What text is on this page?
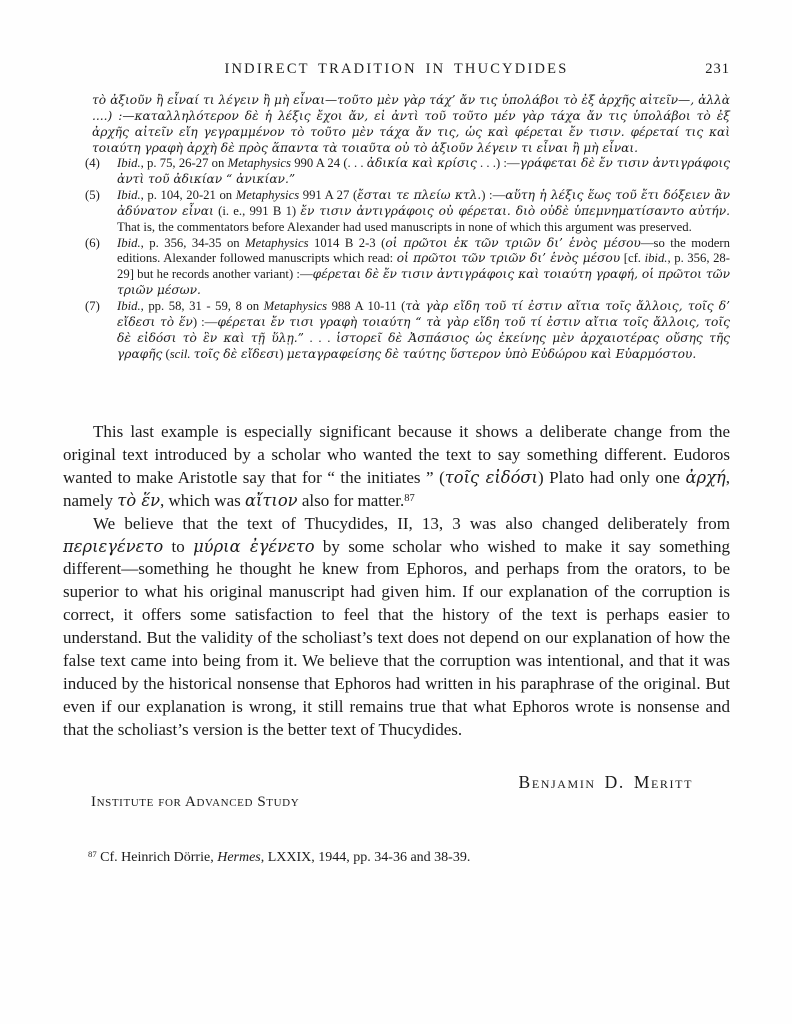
INDIRECT TRADITION IN THUCYDIDES	231
τὸ ἀξιοῦν ἢ εἶναί τι λέγειν ἢ μὴ εἶναι—τοῦτο μὲν γὰρ τάχ’ ἄν τις ὑπολάβοι τὸ ἐξ ἀρχῆς αἰτεῖν—, ἀλλὰ ....) :—καταλληλότερον δὲ ἡ λέξις ἔχοι ἄν, εἰ ἀντὶ τοῦ τοῦτο μέν γὰρ τάχα ἄν τις ὑπολάβοι τὸ ἐξ ἀρχῆς αἰτεῖν εἴη γεγραμμένον τὸ τοῦτο μὲν τάχα ἄν τις, ὡς καὶ φέρεται ἔν τισιν. φέρεταί τις καὶ τοιαύτη γραφὴ ἀρχὴ δὲ πρὸς ἅπαντα τὰ τοιαῦτα οὐ τὸ ἀξιοῦν λέγειν τι εἶναι ἢ μὴ εἶναι.
(4) Ibid., p. 75, 26-27 on Metaphysics 990 A 24 (. . . ἀδικία καὶ κρίσις . . .) :—γράφεται δὲ ἔν τισιν ἀντιγράφοις ἀντὶ τοῦ ἀδικίαν “ ἀνικίαν.”
(5) Ibid., p. 104, 20-21 on Metaphysics 991 A 27 (ἔσται τε πλείω κτλ.) :—αὕτη ἡ λέξις ἕως τοῦ ἔτι δόξειεν ἂν ἀδύνατον εἶναι (i. e., 991 B 1) ἔν τισιν ἀντιγράφοις οὐ φέρεται. διὸ οὐδὲ ὑπεμνηματίσαντο αὐτήν. That is, the commentators before Alexander had used manuscripts in none of which this argument was preserved.
(6) Ibid., p. 356, 34-35 on Metaphysics 1014 B 2-3 (οἱ πρῶτοι ἐκ τῶν τριῶν δι’ ἑνὸς μέσου—so the modern editions. Alexander followed manuscripts which read: οἱ πρῶτοι τῶν τριῶν δι’ ἑνὸς μέσου [cf. ibid., p. 356, 28-29] but he records another variant) :—φέρεται δὲ ἔν τισιν ἀντιγράφοις καὶ τοιαύτη γραφή, οἱ πρῶτοι τῶν τριῶν μέσων.
(7) Ibid., pp. 58, 31 - 59, 8 on Metaphysics 988 A 10-11 (τὰ γὰρ εἴδη τοῦ τί ἐστιν αἴτια τοῖς ἄλλοις, τοῖς δ’ εἴδεσι τὸ ἕν) :—φέρεται ἔν τισι γραφὴ τοιαύτη “ τὰ γὰρ εἴδη τοῦ τί ἐστιν αἴτια τοῖς ἄλλοις, τοῖς δὲ εἰδόσι τὸ ἓν καὶ τῇ ὕλῃ.” . . . ἱστορεῖ δὲ Ἀσπάσιος ὡς ἐκείνης μὲν ἀρχαιοτέρας οὔσης τῆς γραφῆς (scil. τοῖς δὲ εἴδεσι) μεταγραφείσης δὲ ταύτης ὕστερον ὑπὸ Εὐδώρου καὶ Εὐαρμόστου.

This last example is especially significant because it shows a deliberate change from the original text introduced by a scholar who wanted the text to say something different. Eudoros wanted to make Aristotle say that for “ the initiates ” (τοῖς εἰδόσι) Plato had only one ἀρχή, namely τὸ ἕν, which was αἴτιον also for matter.$^{87}$

We believe that the text of Thucydides, II, 13, 3 was also changed deliberately from περιεγένετο to μύρια ἐγένετο by some scholar who wished to make it say something different—something he thought he knew from Ephoros, and perhaps from the orators, to be superior to what his original manuscript had given him. If our explanation of the corruption is correct, it offers some satisfaction to feel that the history of the text is perhaps easier to understand. But the validity of the scholiast’s text does not depend on our explanation of how the false text came into being from it. We believe that the corruption was intentional, and that it was induced by the historical nonsense that Ephoros had written in his paraphrase of the original. But even if our explanation is wrong, it still remains true that what Ephoros wrote is nonsense and that the scholiast’s version is the better text of Thucydides.

Benjamin D. Meritt
Institute for Advanced Study
$^{87}$ Cf. Heinrich Dörrie, Hermes, LXXIX, 1944, pp. 34-36 and 38-39.
